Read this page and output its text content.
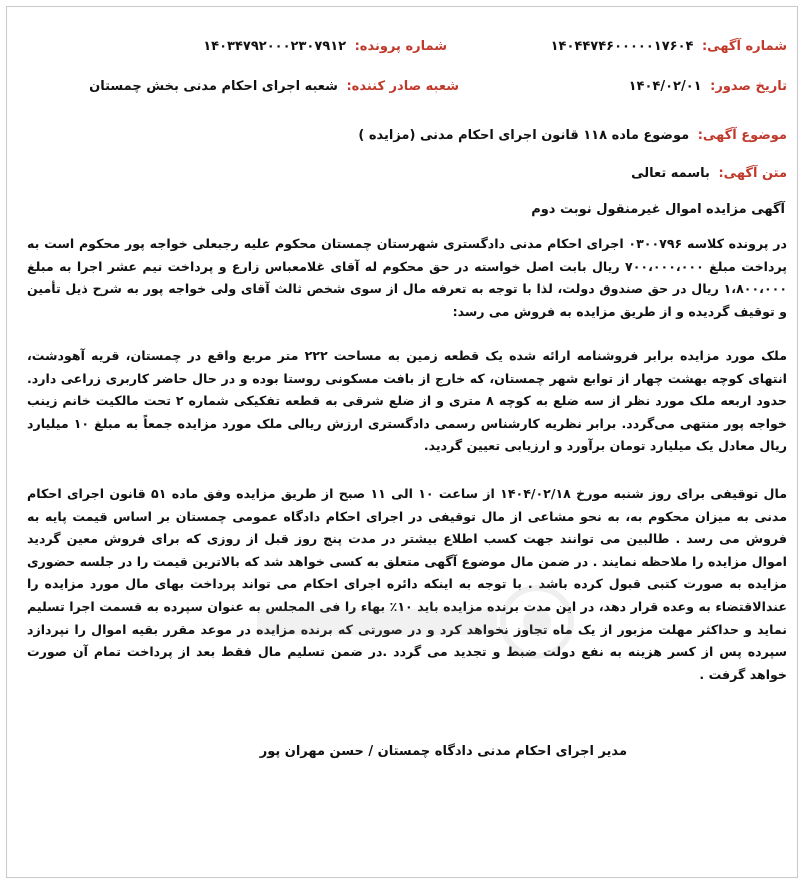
شماره آگهی: ۱۴۰۴۴۷۴۶۰۰۰۰۰۱۷۶۰۴
شماره پرونده: ۱۴۰۳۴۷۹۲۰۰۰۲۳۰۷۹۱۲
تاریخ صدور: ۱۴۰۴/۰۲/۰۱
شعبه صادر کننده: شعبه اجرای احکام مدنی بخش چمستان
موضوع آگهی: موضوع ماده ۱۱۸ قانون اجرای احکام مدنی (مزایده )
متن آگهی: باسمه تعالی
آگهی مزایده اموال غیرمنقول نوبت دوم
در پرونده کلاسه ۰۳۰۰۷۹۶ اجرای احکام مدنی دادگستری شهرستان چمستان محکوم علیه رجبعلی خواجه پور محکوم است به پرداخت مبلغ ۷۰۰،۰۰۰،۰۰۰ ریال بابت اصل خواسته در حق محکوم له آقای غلامعباس زارع و پرداخت نیم عشر اجرا به مبلغ ۱،۸۰۰،۰۰۰ ریال در حق صندوق دولت، لذا با توجه به تعرفه مال از سوی شخص ثالث آقای ولی خواجه پور به شرح ذیل تأمین و توقیف گردیده و از طریق مزایده به فروش می رسد:
ملک مورد مزایده برابر فروشنامه ارائه شده یک قطعه زمین به مساحت ۲۲۲ متر مربع واقع در چمستان، قریه آهودشت، انتهای کوچه بهشت چهار از توابع شهر چمستان، که خارج از بافت مسکونی روستا بوده و در حال حاضر کاربری زراعی دارد. حدود اربعه ملک مورد نظر از سه ضلع به کوچه ۸ متری و از ضلع شرقی به قطعه تفکیکی شماره ۲ تحت مالکیت خانم زینب خواجه پور منتهی می‌گردد. برابر نظریه کارشناس رسمی دادگستری ارزش ریالی ملک مورد مزایده جمعاً به مبلغ ۱۰ میلیارد ریال معادل یک میلیارد تومان برآورد و ارزیابی تعیین گردید.
مال توقیفی برای روز شنبه مورخ ۱۴۰۴/۰۲/۱۸ از ساعت ۱۰ الی ۱۱ صبح از طریق مزایده وفق ماده ۵۱ قانون اجرای احکام مدنی به میزان محکوم به، به نحو مشاعی از مال توقیفی در اجرای احکام دادگاه عمومی چمستان بر اساس قیمت پایه به فروش می رسد . طالبین می توانند جهت کسب اطلاع بیشتر در مدت پنج روز قبل از روزی که برای فروش معین گردید اموال مزایده را ملاحظه نمایند . در ضمن مال موضوع آگهی متعلق به کسی خواهد شد که بالاترین قیمت را در جلسه حضوری مزایده به صورت کتبی قبول کرده باشد . با توجه به اینکه دائره اجرای احکام می تواند پرداخت بهای مال مورد مزایده را عندالاقتضاء به وعده قرار دهد، در این مدت برنده مزایده باید ۱۰٪ بهاء را فی المجلس به عنوان سپرده به قسمت اجرا تسلیم نماید و حداکثر مهلت مزبور از یک ماه تجاوز نخواهد کرد و در صورتی که برنده مزایده در موعد مقرر بقیه اموال را نپردازد سپرده پس از کسر هزینه به نفع دولت ضبط و تجدید می گردد .در ضمن تسلیم مال فقط بعد از پرداخت تمام آن صورت خواهد گرفت .
مدیر اجرای احکام مدنی دادگاه چمستان / حسن مهران پور
